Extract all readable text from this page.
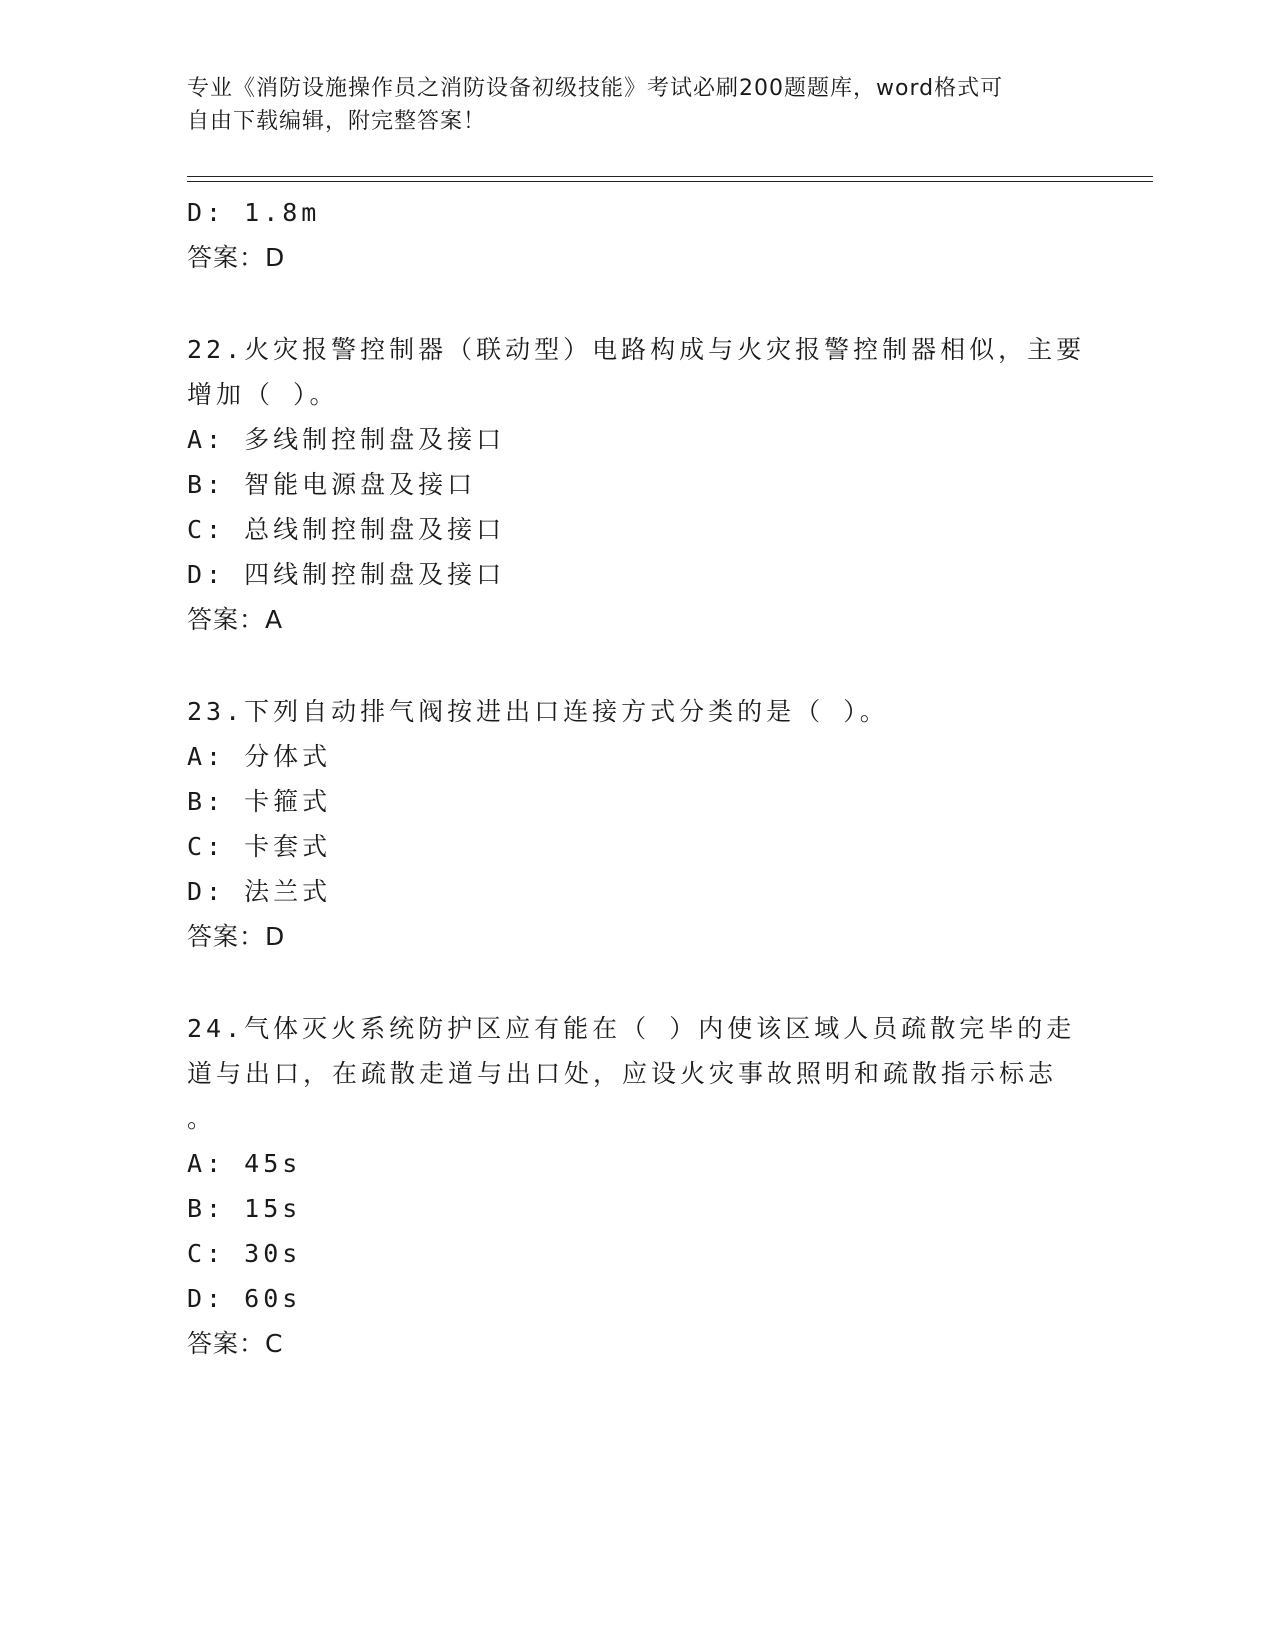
专业《消防设施操作员之消防设备初级技能》考试必刷200题题库，word格式可
自由下载编辑，附完整答案！
D: 1.8m
答案：D
22.火灾报警控制器（联动型）电路构成与火灾报警控制器相似，主要
增加（ ）。
A: 多线制控制盘及接口
B: 智能电源盘及接口
C: 总线制控制盘及接口
D: 四线制控制盘及接口
答案：A
23.下列自动排气阀按进出口连接方式分类的是（ ）。
A: 分体式
B: 卡箍式
C: 卡套式
D: 法兰式
答案：D
24.气体灭火系统防护区应有能在（ ）内使该区域人员疏散完毕的走
道与出口，在疏散走道与出口处，应设火灾事故照明和疏散指示标志
。
A: 45s
B: 15s
C: 30s
D: 60s
答案：C
